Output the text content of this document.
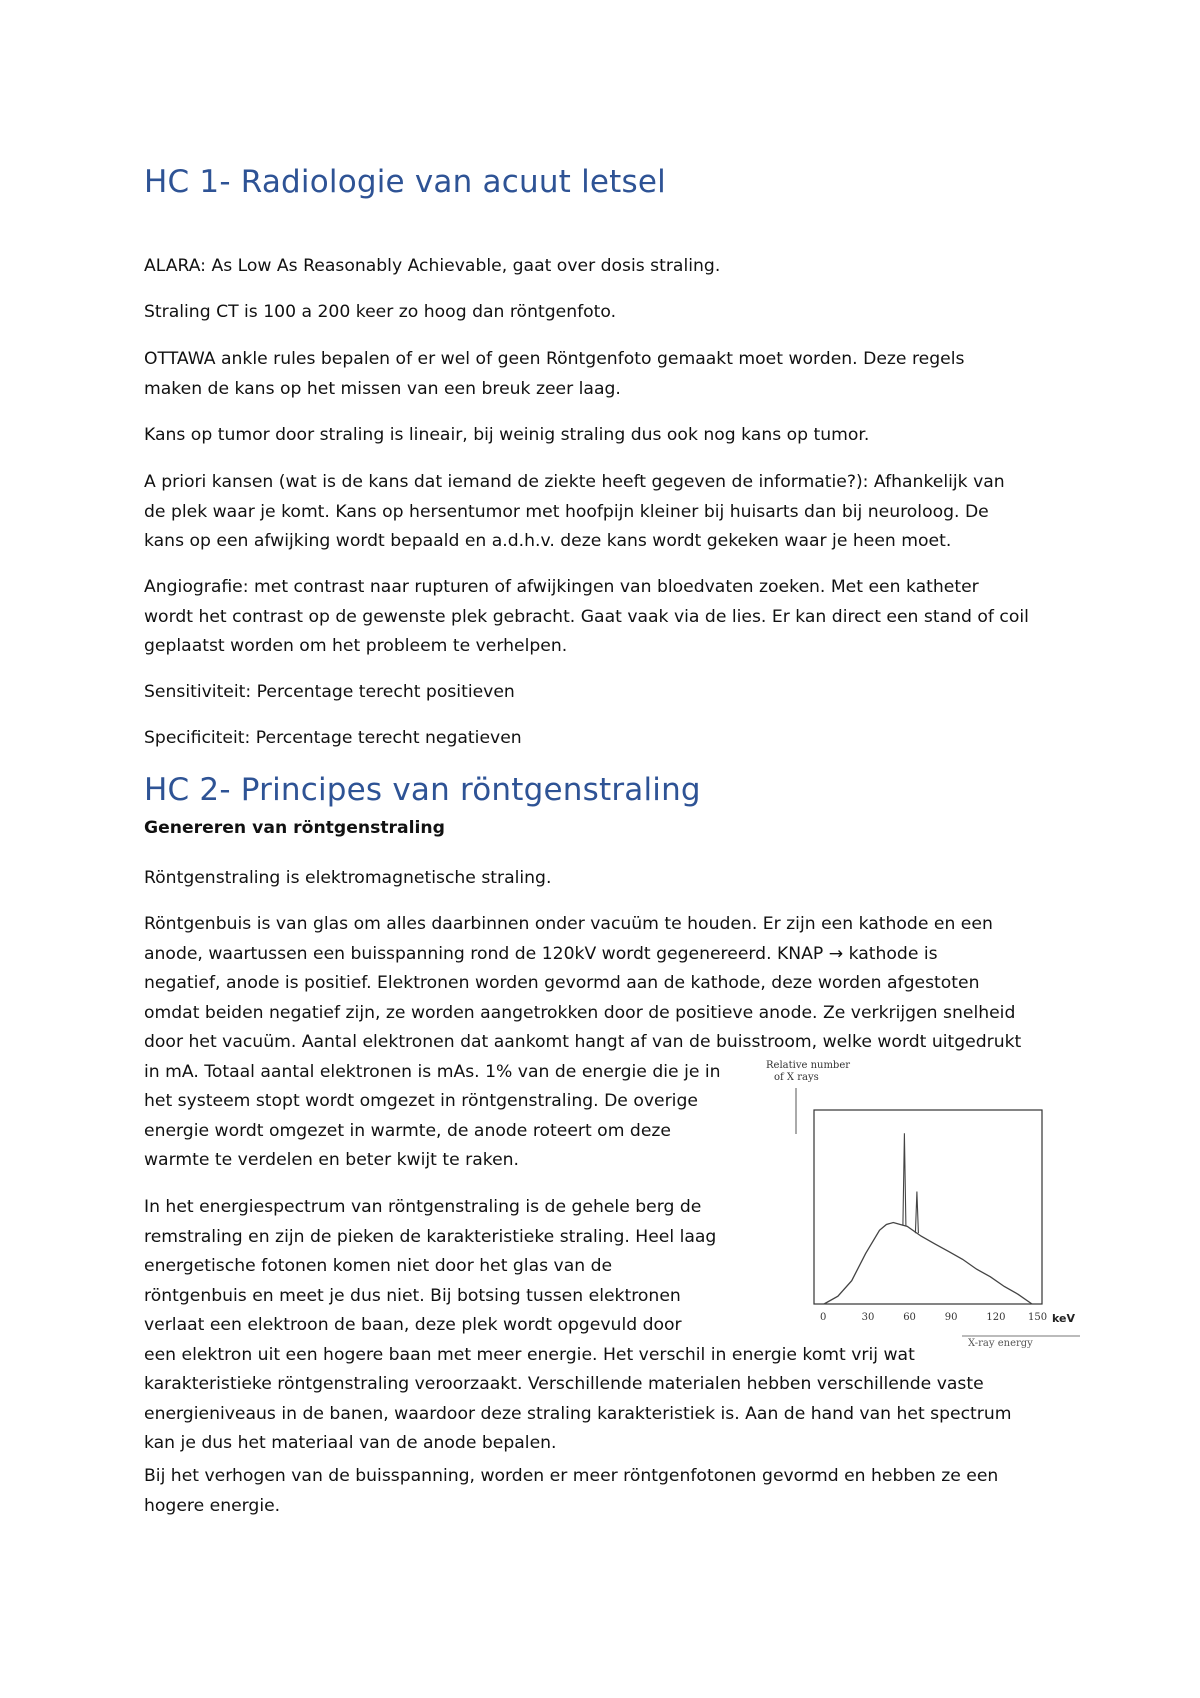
HC 1- Radiologie van acuut letsel

ALARA: As Low As Reasonably Achievable, gaat over dosis straling.

Straling CT is 100 a 200 keer zo hoog dan röntgenfoto.

OTTAWA ankle rules bepalen of er wel of geen Röntgenfoto gemaakt moet worden. Deze regels
maken de kans op het missen van een breuk zeer laag.

Kans op tumor door straling is lineair, bij weinig straling dus ook nog kans op tumor.

A priori kansen (wat is de kans dat iemand de ziekte heeft gegeven de informatie?): Afhankelijk van
de plek waar je komt. Kans op hersentumor met hoofpijn kleiner bij huisarts dan bij neuroloog. De
kans op een afwijking wordt bepaald en a.d.h.v. deze kans wordt gekeken waar je heen moet.

Angiografie: met contrast naar rupturen of afwijkingen van bloedvaten zoeken. Met een katheter
wordt het contrast op de gewenste plek gebracht. Gaat vaak via de lies. Er kan direct een stand of coil
geplaatst worden om het probleem te verhelpen.

Sensitiviteit: Percentage terecht positieven

Specificiteit: Percentage terecht negatieven

HC 2- Principes van röntgenstraling

Genereren van röntgenstraling

Röntgenstraling is elektromagnetische straling.

Röntgenbuis is van glas om alles daarbinnen onder vacuüm te houden. Er zijn een kathode en een
anode, waartussen een buisspanning rond de 120kV wordt gegenereerd. KNAP → kathode is
negatief, anode is positief. Elektronen worden gevormd aan de kathode, deze worden afgestoten
omdat beiden negatief zijn, ze worden aangetrokken door de positieve anode. Ze verkrijgen snelheid
door het vacuüm. Aantal elektronen dat aankomt hangt af van de buisstroom, welke wordt uitgedrukt
in mA. Totaal aantal elektronen is mAs. 1% van de energie die je in
het systeem stopt wordt omgezet in röntgenstraling. De overige
energie wordt omgezet in warmte, de anode roteert om deze
warmte te verdelen en beter kwijt te raken.

In het energiespectrum van röntgenstraling is de gehele berg de
remstraling en zijn de pieken de karakteristieke straling. Heel laag
energetische fotonen komen niet door het glas van de
röntgenbuis en meet je dus niet. Bij botsing tussen elektronen
verlaat een elektroon de baan, deze plek wordt opgevuld door
een elektron uit een hogere baan met meer energie. Het verschil in energie komt vrij wat
karakteristieke röntgenstraling veroorzaakt. Verschillende materialen hebben verschillende vaste
energieniveaus in de banen, waardoor deze straling karakteristiek is. Aan de hand van het spectrum
kan je dus het materiaal van de anode bepalen.

Bij het verhogen van de buisspanning, worden er meer röntgenfotonen gevormd en hebben ze een
hogere energie.

Relative number
of X rays
0	30	60	90	120 150 keV
X-ray energy
